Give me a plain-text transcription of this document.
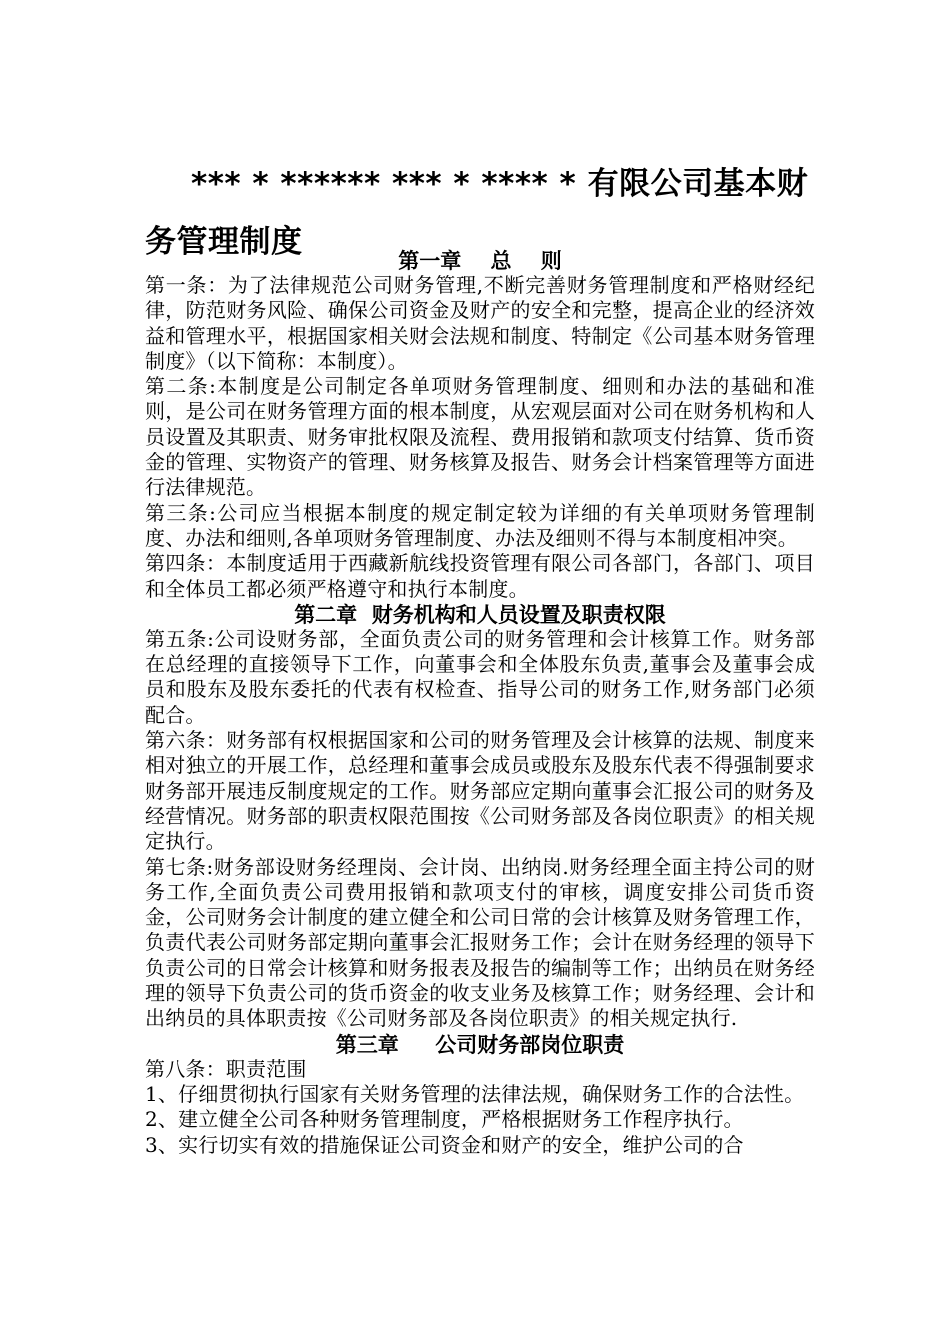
*** * ****** *** * **** * 有限公司基本财务管理制度

第一章    总    则

第一条：为了法律规范公司财务管理,不断完善财务管理制度和严格财经纪律，防范财务风险、确保公司资金及财产的安全和完整，提高企业的经济效益和管理水平，根据国家相关财会法规和制度、特制定《公司基本财务管理制度》（以下简称：本制度）。

第二条:本制度是公司制定各单项财务管理制度、细则和办法的基础和准则，是公司在财务管理方面的根本制度，从宏观层面对公司在财务机构和人员设置及其职责、财务审批权限及流程、费用报销和款项支付结算、货币资金的管理、实物资产的管理、财务核算及报告、财务会计档案管理等方面进行法律规范。

第三条:公司应当根据本制度的规定制定较为详细的有关单项财务管理制度、办法和细则,各单项财务管理制度、办法及细则不得与本制度相冲突。

第四条：本制度适用于西藏新航线投资管理有限公司各部门，各部门、项目和全体员工都必须严格遵守和执行本制度。

第二章  财务机构和人员设置及职责权限

第五条:公司设财务部，全面负责公司的财务管理和会计核算工作。财务部在总经理的直接领导下工作，向董事会和全体股东负责,董事会及董事会成员和股东及股东委托的代表有权检查、指导公司的财务工作,财务部门必须配合。

第六条：财务部有权根据国家和公司的财务管理及会计核算的法规、制度来相对独立的开展工作，总经理和董事会成员或股东及股东代表不得强制要求财务部开展违反制度规定的工作。财务部应定期向董事会汇报公司的财务及经营情况。财务部的职责权限范围按《公司财务部及各岗位职责》的相关规定执行。

第七条:财务部设财务经理岗、会计岗、出纳岗.财务经理全面主持公司的财务工作,全面负责公司费用报销和款项支付的审核，调度安排公司货币资金，公司财务会计制度的建立健全和公司日常的会计核算及财务管理工作，负责代表公司财务部定期向董事会汇报财务工作；会计在财务经理的领导下负责公司的日常会计核算和财务报表及报告的编制等工作；出纳员在财务经理的领导下负责公司的货币资金的收支业务及核算工作；财务经理、会计和出纳员的具体职责按《公司财务部及各岗位职责》的相关规定执行.

第三章     公司财务部岗位职责

第八条：职责范围

1、仔细贯彻执行国家有关财务管理的法律法规，确保财务工作的合法性。

2、建立健全公司各种财务管理制度，严格根据财务工作程序执行。

3、实行切实有效的措施保证公司资金和财产的安全，维护公司的合
